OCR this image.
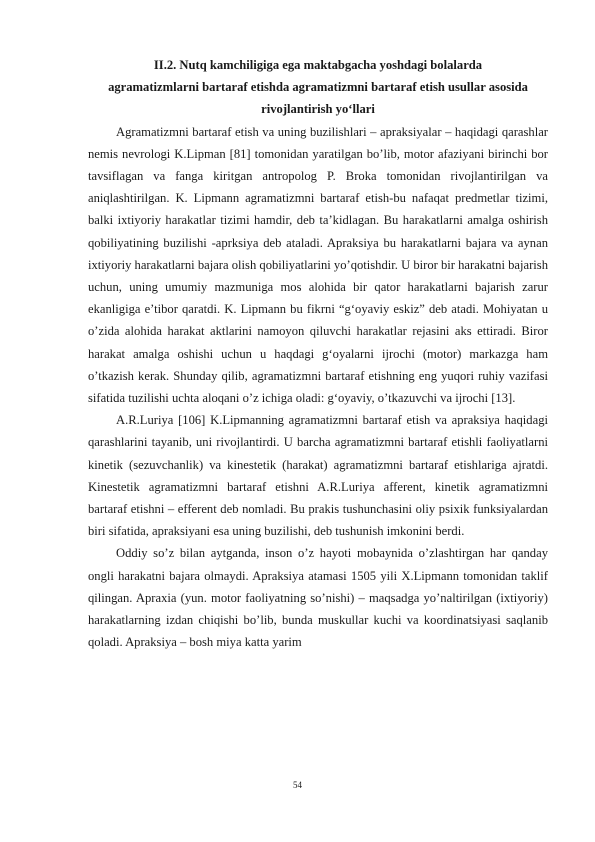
II.2. Nutq kamchiligiga ega maktabgacha yoshdagi bolalarda
agramatizmlarni bartaraf etishda agramatizmni bartaraf etish usullar asosida
rivojlantirish yo‘llari

Agramatizmni bartaraf etish va uning buzilishlari – apraksiyalar – haqidagi qarashlar nemis nevrologi K.Lipman [81] tomonidan yaratilgan bo’lib, motor afaziyani birinchi bor tavsiflagan va fanga kiritgan antropolog P. Broka tomonidan rivojlantirilgan va aniqlashtirilgan. K. Lipmann agramatizmni bartaraf etish-bu nafaqat predmetlar tizimi, balki ixtiyoriy harakatlar tizimi hamdir, deb ta’kidlagan. Bu harakatlarni amalga oshirish qobiliyatining buzilishi -aprksiya deb ataladi. Apraksiya bu harakatlarni bajara va aynan ixtiyoriy harakatlarni bajara olish qobiliyatlarini yo’qotishdir. U biror bir harakatni bajarish uchun, uning umumiy mazmuniga mos alohida bir qator harakatlarni bajarish zarur ekanligiga e’tibor qaratdi. K. Lipmann bu fikrni “g‘oyaviy eskiz” deb atadi. Mohiyatan u o’zida alohida harakat aktlarini namoyon qiluvchi harakatlar rejasini aks ettiradi. Biror harakat amalga oshishi uchun u haqdagi g‘oyalarni ijrochi (motor) markazga ham o’tkazish kerak. Shunday qilib, agramatizmni bartaraf etishning eng yuqori ruhiy vazifasi sifatida tuzilishi uchta aloqani o’z ichiga oladi: g‘oyaviy, o’tkazuvchi va ijrochi [13].

A.R.Luriya [106] K.Lipmanning agramatizmni bartaraf etish va apraksiya haqidagi qarashlarini tayanib, uni rivojlantirdi. U barcha agramatizmni bartaraf etishli faoliyatlarni kinetik (sezuvchanlik) va kinestetik (harakat) agramatizmni bartaraf etishlariga ajratdi. Kinestetik agramatizmni bartaraf etishni A.R.Luriya afferent, kinetik agramatizmni bartaraf etishni – efferent deb nomladi. Bu prakis tushunchasini oliy psixik funksiyalardan biri sifatida, apraksiyani esa uning buzilishi, deb tushunish imkonini berdi.

Oddiy so’z bilan aytganda, inson o’z hayoti mobaynida o’zlashtirgan har qanday ongli harakatni bajara olmaydi. Apraksiya atamasi 1505 yili X.Lipmann tomonidan taklif qilingan. Apraxia (yun. motor faoliyatning so’nishi) – maqsadga yo’naltirilgan (ixtiyoriy) harakatlarning izdan chiqishi bo’lib, bunda muskullar kuchi va koordinatsiyasi saqlanib qoladi. Apraksiya – bosh miya katta yarim

54
